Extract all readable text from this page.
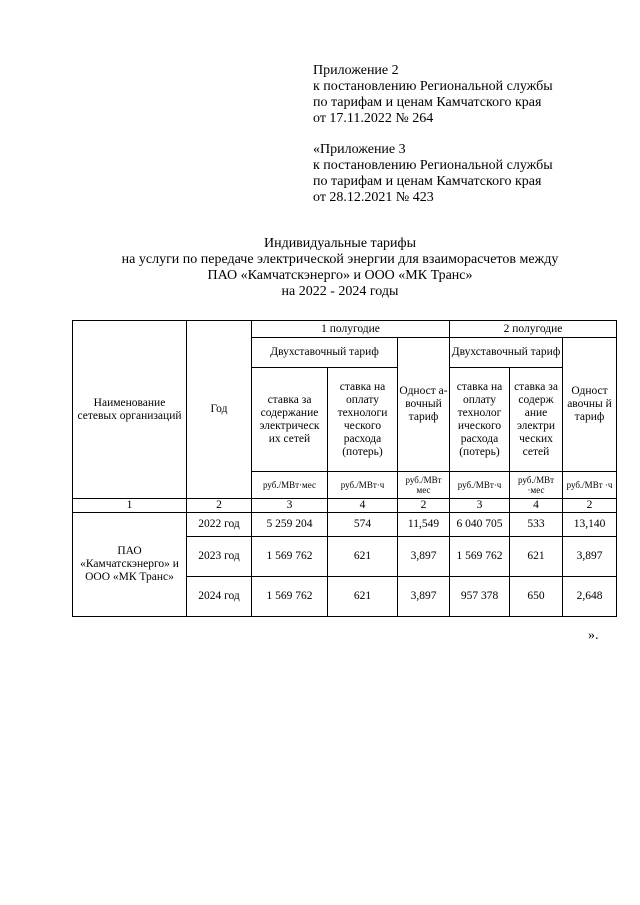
Приложение 2
к постановлению Региональной службы
по тарифам и ценам Камчатского края
от 17.11.2022 № 264
«Приложение 3
к постановлению Региональной службы
по тарифам и ценам Камчатского края
от 28.12.2021 № 423
Индивидуальные тарифы
на услуги по передаче электрической энергии для взаиморасчетов между
ПАО «Камчатскэнерго» и ООО «МК Транс»
на 2022 - 2024 годы
Наименование сетевых организаций	Год	1 полугодие			2 полугодие		
		Двухставочный тариф		Одност а- вочный тариф	Двухставочный тариф		Одност авочны й тариф
		ставка за содержание электрическ их сетей	ставка на оплату технологи ческого расхода (потерь)		ставка на оплату технолог ического расхода (потерь)	ставка за содерж ание электри ческих сетей	
		руб./МВт·мес	руб./МВт·ч	руб./МВт мес	руб./МВт·ч	руб./МВт ·мес	руб./МВт ·ч
1	2	3	4	2	3	4	2
ПАО «Камчатскэнерго» и ООО «МК Транс»	2022 год	5 259 204	574	11,549	6 040 705	533	13,140
	2023 год	1 569 762	621	3,897	1 569 762	621	3,897
	2024 год	1 569 762	621	3,897	957 378	650	2,648
».
